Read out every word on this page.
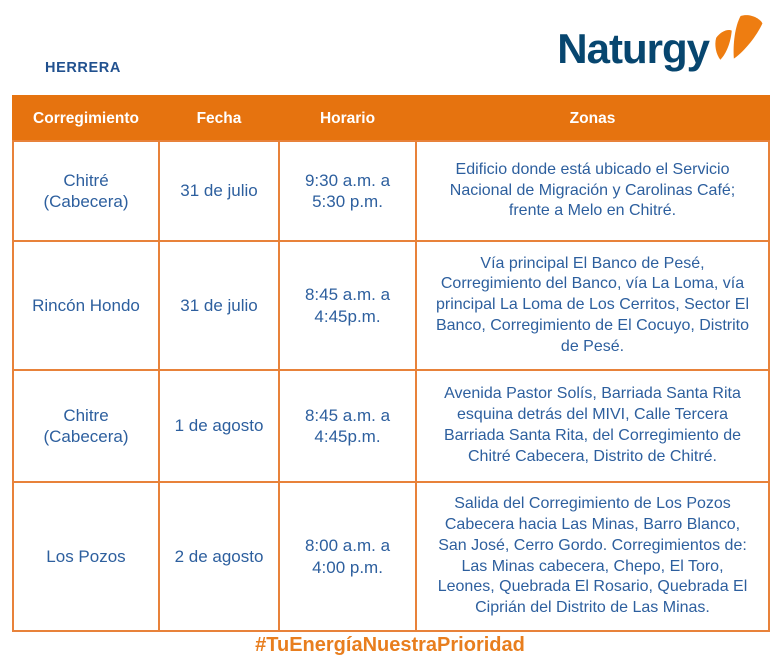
HERRERA	Naturgy
Corregimiento	Fecha	Horario	Zonas
Chitré (Cabecera)	31 de julio	9:30 a.m. a 5:30 p.m.	Edificio donde está ubicado el Servicio Nacional de Migración y Carolinas Café; frente a Melo en Chitré.
Rincón Hondo	31 de julio	8:45 a.m. a 4:45p.m.	Vía principal El Banco de Pesé, Corregimiento del Banco, vía La Loma, vía principal La Loma de Los Cerritos, Sector El Banco, Corregimiento de El Cocuyo, Distrito de Pesé.
Chitre (Cabecera)	1 de agosto	8:45 a.m. a 4:45p.m.	Avenida Pastor Solís, Barriada Santa Rita esquina detrás del MIVI, Calle Tercera Barriada Santa Rita, del Corregimiento de Chitré Cabecera, Distrito de Chitré.
Los Pozos	2 de agosto	8:00 a.m. a 4:00 p.m.	Salida del Corregimiento de Los Pozos Cabecera hacia Las Minas, Barro Blanco, San José, Cerro Gordo. Corregimientos de: Las Minas cabecera, Chepo, El Toro, Leones, Quebrada El Rosario, Quebrada El Ciprián del Distrito de Las Minas.
#TuEnergíaNuestraPrioridad
